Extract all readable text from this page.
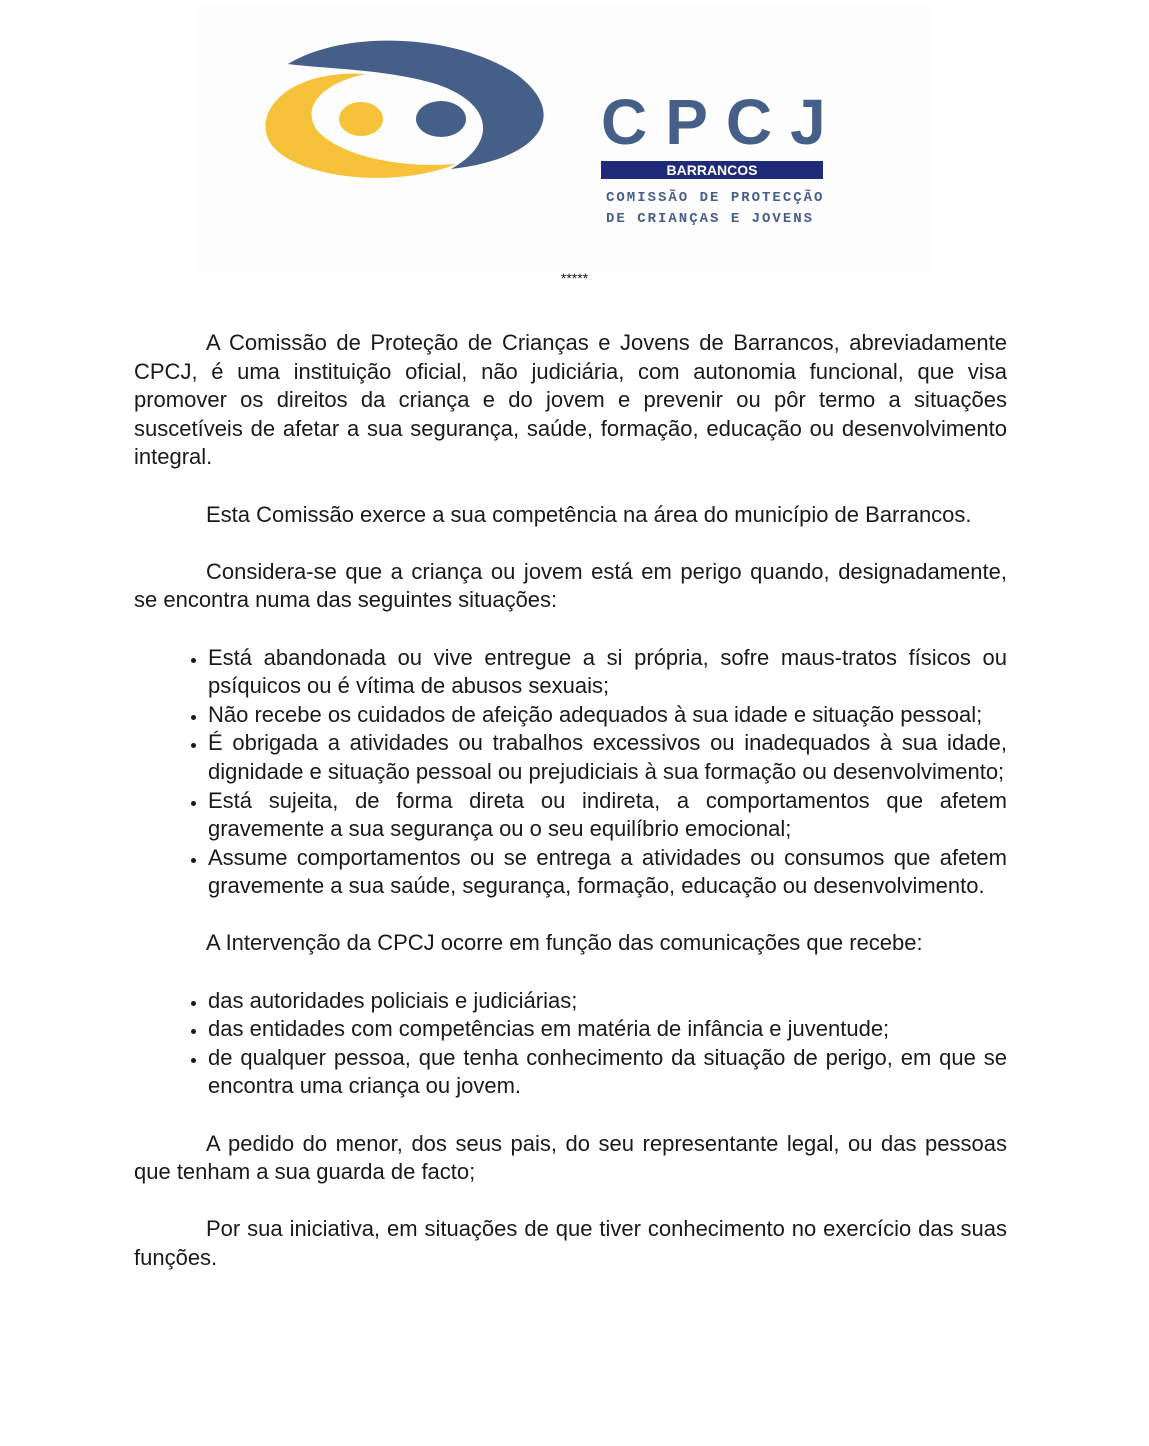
CPCJ
BARRANCOS
COMISSÃO DE PROTECÇÃO
DE CRIANÇAS E JOVENS
*****

A Comissão de Proteção de Crianças e Jovens de Barrancos, abreviadamente CPCJ, é uma instituição oficial, não judiciária, com autonomia funcional, que visa promover os direitos da criança e do jovem e prevenir ou pôr termo a situações suscetíveis de afetar a sua segurança, saúde, formação, educação ou desenvolvimento integral.

Esta Comissão exerce a sua competência na área do município de Barrancos.

Considera-se que a criança ou jovem está em perigo quando, designadamente, se encontra numa das seguintes situações:

• Está abandonada ou vive entregue a si própria, sofre maus-tratos físicos ou psíquicos ou é vítima de abusos sexuais;
• Não recebe os cuidados de afeição adequados à sua idade e situação pessoal;
• É obrigada a atividades ou trabalhos excessivos ou inadequados à sua idade, dignidade e situação pessoal ou prejudiciais à sua formação ou desenvolvimento;
• Está sujeita, de forma direta ou indireta, a comportamentos que afetem gravemente a sua segurança ou o seu equilíbrio emocional;
• Assume comportamentos ou se entrega a atividades ou consumos que afetem gravemente a sua saúde, segurança, formação, educação ou desenvolvimento.

A Intervenção da CPCJ ocorre em função das comunicações que recebe:

• das autoridades policiais e judiciárias;
• das entidades com competências em matéria de infância e juventude;
• de qualquer pessoa, que tenha conhecimento da situação de perigo, em que se encontra uma criança ou jovem.

A pedido do menor, dos seus pais, do seu representante legal, ou das pessoas que tenham a sua guarda de facto;

Por sua iniciativa, em situações de que tiver conhecimento no exercício das suas funções.
